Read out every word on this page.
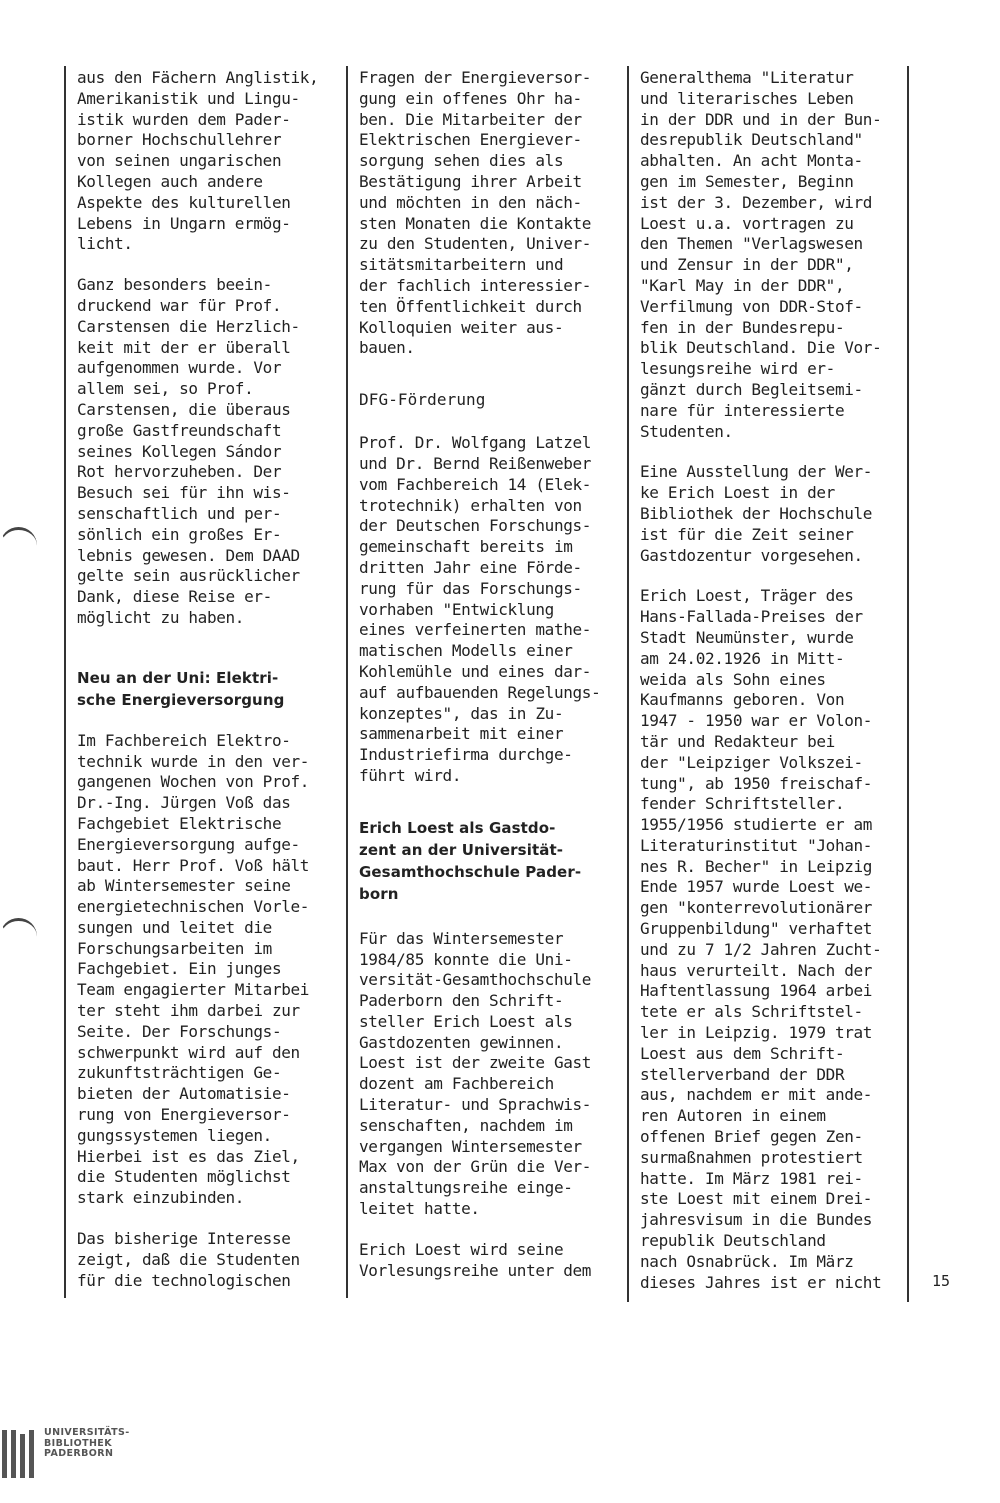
aus den Fächern Anglistik,
Amerikanistik und Lingu-
istik wurden dem Pader-
borner Hochschullehrer
von seinen ungarischen
Kollegen auch andere
Aspekte des kulturellen
Lebens in Ungarn ermög-
licht.

Ganz besonders beein-
druckend war für Prof.
Carstensen die Herzlich-
keit mit der er überall
aufgenommen wurde. Vor
allem sei, so Prof.
Carstensen, die überaus
große Gastfreundschaft
seines Kollegen Sándor
Rot hervorzuheben. Der
Besuch sei für ihn wis-
senschaftlich und per-
sönlich ein großes Er-
lebnis gewesen. Dem DAAD
gelte sein ausrücklicher
Dank, diese Reise er-
möglicht zu haben.

Neu an der Uni: Elektri-
sche Energieversorgung

Im Fachbereich Elektro-
technik wurde in den ver-
gangenen Wochen von Prof.
Dr.-Ing. Jürgen Voß das
Fachgebiet Elektrische
Energieversorgung aufge-
baut. Herr Prof. Voß hält
ab Wintersemester seine
energietechnischen Vorle-
sungen und leitet die
Forschungsarbeiten im
Fachgebiet. Ein junges
Team engagierter Mitarbei
ter steht ihm darbei zur
Seite. Der Forschungs-
schwerpunkt wird auf den
zukunftsträchtigen Ge-
bieten der Automatisie-
rung von Energieversor-
gungssystemen liegen.
Hierbei ist es das Ziel,
die Studenten möglichst
stark einzubinden.

Das bisherige Interesse
zeigt, daß die Studenten
für die technologischen

Fragen der Energieversor-
gung ein offenes Ohr ha-
ben. Die Mitarbeiter der
Elektrischen Energiever-
sorgung sehen dies als
Bestätigung ihrer Arbeit
und möchten in den näch-
sten Monaten die Kontakte
zu den Studenten, Univer-
sitätsmitarbeitern und
der fachlich interessier-
ten Öffentlichkeit durch
Kolloquien weiter aus-
bauen.

DFG-Förderung

Prof. Dr. Wolfgang Latzel
und Dr. Bernd Reißenweber
vom Fachbereich 14 (Elek-
trotechnik) erhalten von
der Deutschen Forschungs-
gemeinschaft bereits im
dritten Jahr eine Förde-
rung für das Forschungs-
vorhaben "Entwicklung
eines verfeinerten mathe-
matischen Modells einer
Kohlemühle und eines dar-
auf aufbauenden Regelungs-
konzeptes", das in Zu-
sammenarbeit mit einer
Industriefirma durchge-
führt wird.

Erich Loest als Gastdo-
zent an der Universität-
Gesamthochschule Pader-
born

Für das Wintersemester
1984/85 konnte die Uni-
versität-Gesamthochschule
Paderborn den Schrift-
steller Erich Loest als
Gastdozenten gewinnen.
Loest ist der zweite Gast
dozent am Fachbereich
Literatur- und Sprachwis-
senschaften, nachdem im
vergangen Wintersemester
Max von der Grün die Ver-
anstaltungsreihe einge-
leitet hatte.

Erich Loest wird seine
Vorlesungsreihe unter dem

Generalthema "Literatur
und literarisches Leben
in der DDR und in der Bun-
desrepublik Deutschland"
abhalten. An acht Monta-
gen im Semester, Beginn
ist der 3. Dezember, wird
Loest u.a. vortragen zu
den Themen "Verlagswesen
und Zensur in der DDR",
"Karl May in der DDR",
Verfilmung von DDR-Stof-
fen in der Bundesrepu-
blik Deutschland. Die Vor-
lesungsreihe wird er-
gänzt durch Begleitsemi-
nare für interessierte
Studenten.

Eine Ausstellung der Wer-
ke Erich Loest in der
Bibliothek der Hochschule
ist für die Zeit seiner
Gastdozentur vorgesehen.

Erich Loest, Träger des
Hans-Fallada-Preises der
Stadt Neumünster, wurde
am 24.02.1926 in Mitt-
weida als Sohn eines
Kaufmanns geboren. Von
1947 - 1950 war er Volon-
tär und Redakteur bei
der "Leipziger Volkszei-
tung", ab 1950 freischaf-
fender Schriftsteller.
1955/1956 studierte er am
Literaturinstitut "Johan-
nes R. Becher" in Leipzig
Ende 1957 wurde Loest we-
gen "konterrevolutionärer
Gruppenbildung" verhaftet
und zu 7 1/2 Jahren Zucht-
haus verurteilt. Nach der
Haftentlassung 1964 arbei
tete er als Schriftstel-
ler in Leipzig. 1979 trat
Loest aus dem Schrift-
stellerverband der DDR
aus, nachdem er mit ande-
ren Autoren in einem
offenen Brief gegen Zen-
surmaßnahmen protestiert
hatte. Im März 1981 rei-
ste Loest mit einem Drei-
jahresvisum in die Bundes
republik Deutschland
nach Osnabrück. Im März
dieses Jahres ist er nicht	15
UNIVERSITÄTS-
BIBLIOTHEK
PADERBORN
